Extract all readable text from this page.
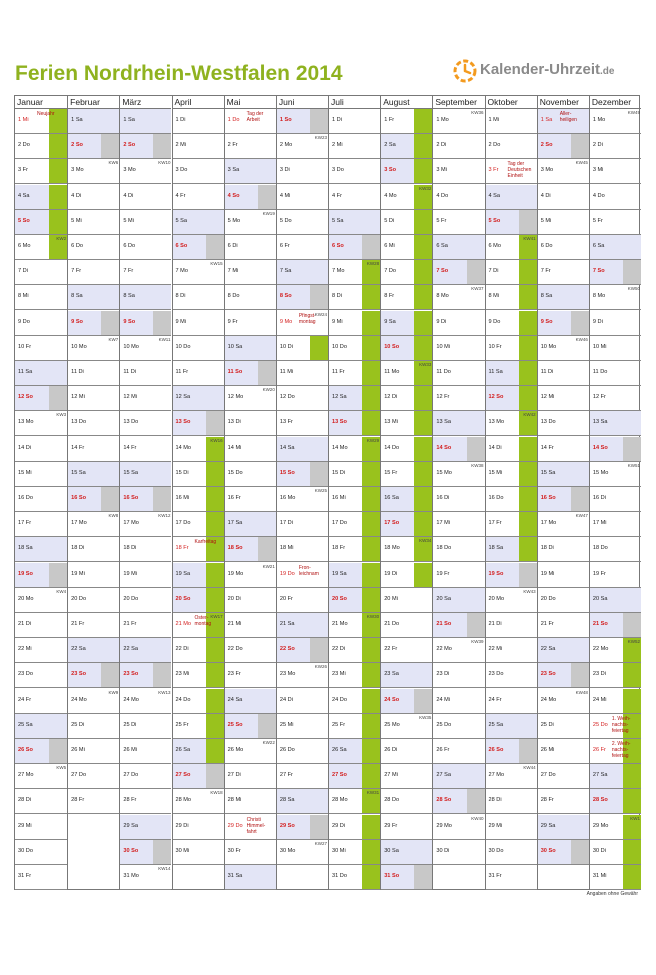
Ferien Nordrhein-Westfalen 2014	Kalender-Uhrzeit.de
Januar
1 Mi
Neujahr
2 Do
3 Fr
4 Sa
5 So
6 Mo
KW2
7 Di
8 Mi
9 Do
10 Fr
11 Sa
12 So
13 Mo
KW3
14 Di
15 Mi
16 Do
17 Fr
18 Sa
19 So
20 Mo
KW4
21 Di
22 Mi
23 Do
24 Fr
25 Sa
26 So
27 Mo
KW5
28 Di
29 Mi
30 Do
31 Fr
Februar
1 Sa
2 So
3 Mo
KW6
4 Di
5 Mi
6 Do
7 Fr
8 Sa
9 So
10 Mo
KW7
11 Di
12 Mi
13 Do
14 Fr
15 Sa
16 So
17 Mo
KW8
18 Di
19 Mi
20 Do
21 Fr
22 Sa
23 So
24 Mo
KW9
25 Di
26 Mi
27 Do
28 Fr
März
1 Sa
2 So
3 Mo
KW10
4 Di
5 Mi
6 Do
7 Fr
8 Sa
9 So
10 Mo
KW11
11 Di
12 Mi
13 Do
14 Fr
15 Sa
16 So
17 Mo
KW12
18 Di
19 Mi
20 Do
21 Fr
22 Sa
23 So
24 Mo
KW13
25 Di
26 Mi
27 Do
28 Fr
29 Sa
30 So
31 Mo
KW14
April
1 Di
2 Mi
3 Do
4 Fr
5 Sa
6 So
7 Mo
KW15
8 Di
9 Mi
10 Do
11 Fr
12 Sa
13 So
14 Mo
KW16
15 Di
16 Mi
17 Do
18 Fr
Karfreitag
19 Sa
20 So
21 Mo
Oster-montag
KW17
22 Di
23 Mi
24 Do
25 Fr
26 Sa
27 So
28 Mo
KW18
29 Di
30 Mi
Mai
1 Do
Tag der Arbeit
2 Fr
3 Sa
4 So
5 Mo
KW19
6 Di
7 Mi
8 Do
9 Fr
10 Sa
11 So
12 Mo
KW20
13 Di
14 Mi
15 Do
16 Fr
17 Sa
18 So
19 Mo
KW21
20 Di
21 Mi
22 Do
23 Fr
24 Sa
25 So
26 Mo
KW22
27 Di
28 Mi
29 Do
Christi Himmel-fahrt
30 Fr
31 Sa
Juni
1 So
2 Mo
KW23
3 Di
4 Mi
5 Do
6 Fr
7 Sa
8 So
9 Mo
Pfingst-montag
KW24
10 Di
11 Mi
12 Do
13 Fr
14 Sa
15 So
16 Mo
KW25
17 Di
18 Mi
19 Do
Fron-leichnam
20 Fr
21 Sa
22 So
23 Mo
KW26
24 Di
25 Mi
26 Do
27 Fr
28 Sa
29 So
30 Mo
KW27
Juli
1 Di
2 Mi
3 Do
4 Fr
5 Sa
6 So
7 Mo
KW28
8 Di
9 Mi
10 Do
11 Fr
12 Sa
13 So
14 Mo
KW29
15 Di
16 Mi
17 Do
18 Fr
19 Sa
20 So
21 Mo
KW30
22 Di
23 Mi
24 Do
25 Fr
26 Sa
27 So
28 Mo
KW31
29 Di
30 Mi
31 Do
August
1 Fr
2 Sa
3 So
4 Mo
KW32
5 Di
6 Mi
7 Do
8 Fr
9 Sa
10 So
11 Mo
KW33
12 Di
13 Mi
14 Do
15 Fr
16 Sa
17 So
18 Mo
KW34
19 Di
20 Mi
21 Do
22 Fr
23 Sa
24 So
25 Mo
KW35
26 Di
27 Mi
28 Do
29 Fr
30 Sa
31 So
September
1 Mo
KW36
2 Di
3 Mi
4 Do
5 Fr
6 Sa
7 So
8 Mo
KW37
9 Di
10 Mi
11 Do
12 Fr
13 Sa
14 So
15 Mo
KW38
16 Di
17 Mi
18 Do
19 Fr
20 Sa
21 So
22 Mo
KW39
23 Di
24 Mi
25 Do
26 Fr
27 Sa
28 So
29 Mo
KW40
30 Di
Oktober
1 Mi
2 Do
3 Fr
Tag der Deutschen Einheit
4 Sa
5 So
6 Mo
KW41
7 Di
8 Mi
9 Do
10 Fr
11 Sa
12 So
13 Mo
KW42
14 Di
15 Mi
16 Do
17 Fr
18 Sa
19 So
20 Mo
KW43
21 Di
22 Mi
23 Do
24 Fr
25 Sa
26 So
27 Mo
KW44
28 Di
29 Mi
30 Do
31 Fr
November
1 Sa
Aller-heiligen
2 So
3 Mo
KW45
4 Di
5 Mi
6 Do
7 Fr
8 Sa
9 So
10 Mo
KW46
11 Di
12 Mi
13 Do
14 Fr
15 Sa
16 So
17 Mo
KW47
18 Di
19 Mi
20 Do
21 Fr
22 Sa
23 So
24 Mo
KW48
25 Di
26 Mi
27 Do
28 Fr
29 Sa
30 So
Dezember
1 Mo
KW49
2 Di
3 Mi
4 Do
5 Fr
6 Sa
7 So
8 Mo
KW50
9 Di
10 Mi
11 Do
12 Fr
13 Sa
14 So
15 Mo
KW51
16 Di
17 Mi
18 Do
19 Fr
20 Sa
21 So
22 Mo
KW52
23 Di
24 Mi
25 Do
1. Weih-nachts-feiertag
26 Fr
2. Weih-nachts-feiertag
27 Sa
28 So
29 Mo
KW1
30 Di
31 Mi
Angaben ohne Gewähr
